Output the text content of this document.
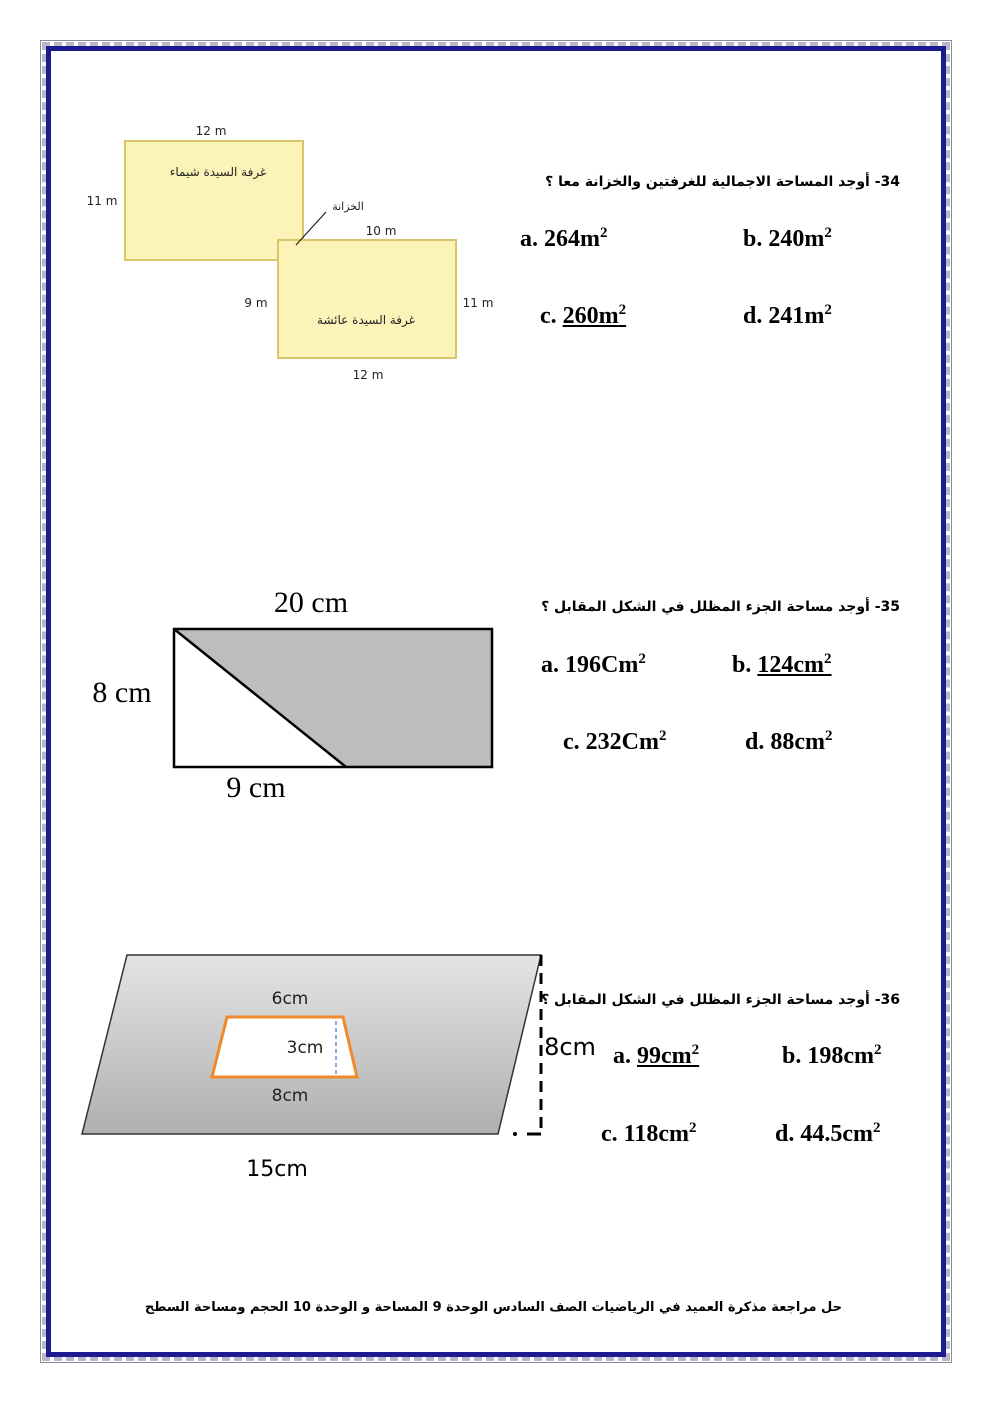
غرفة السيدة شيماء
غرفة السيدة عائشة
الخزانة
12 m
11 m
10 m
9 m	11 m
12 m
34- أوجد المساحة الاجمالية للغرفتين والخزانة معا ؟
a. $264m^2$	b. $240m^2$
c. $260m^2$	d. $241m^2$
20 cm
8 cm
9 cm
35- أوجد مساحة الجزء المظلل في الشكل المقابل ؟
a. 196Cm$^2$	b. $124cm^2$
c. 232Cm$^2$	d. $88cm^2$
6cm
3cm
8cm
8cm
15cm
36- أوجد مساحة الجزء المظلل في الشكل المقابل ؟
a. $99cm^2$	b. $198cm^2$
c. $118cm^2$	d. $44.5cm^2$
حل مراجعة مذكرة العميد في الرياضيات الصف السادس الوحدة 9 المساحة و الوحدة 10 الحجم ومساحة السطح
